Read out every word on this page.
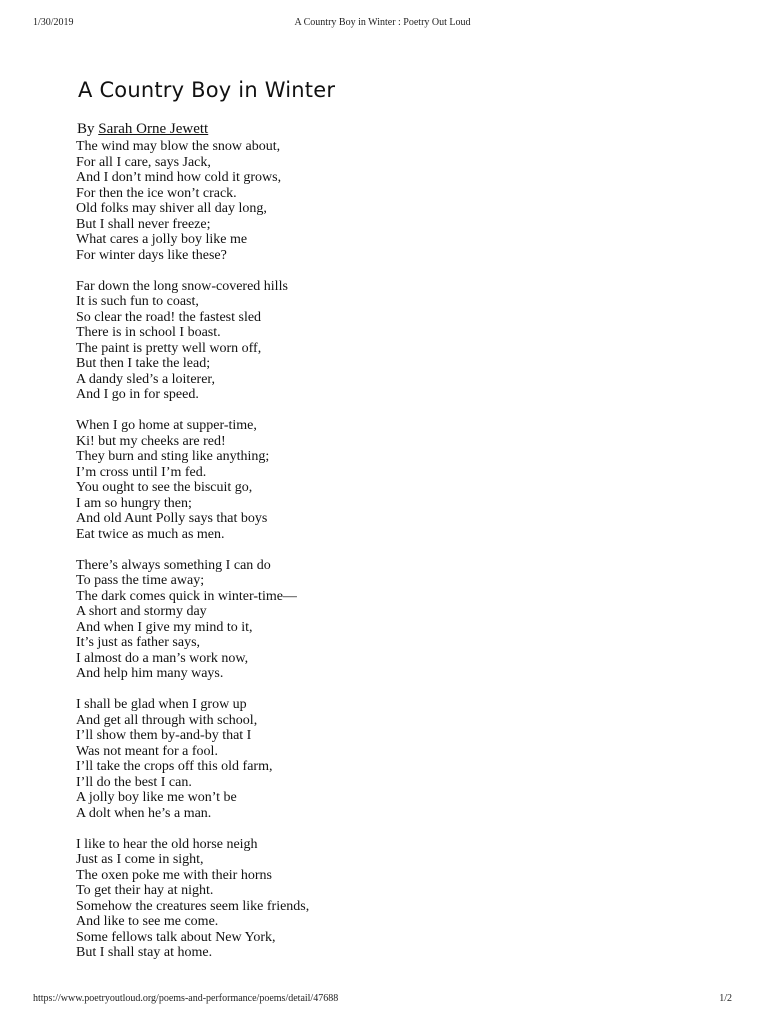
1/30/2019	A Country Boy in Winter : Poetry Out Loud
A Country Boy in Winter
By Sarah Orne Jewett
The wind may blow the snow about,
For all I care, says Jack,
And I don’t mind how cold it grows,
For then the ice won’t crack.
Old folks may shiver all day long,
But I shall never freeze;
What cares a jolly boy like me
For winter days like these?
Far down the long snow-covered hills
It is such fun to coast,
So clear the road! the fastest sled
There is in school I boast.
The paint is pretty well worn off,
But then I take the lead;
A dandy sled’s a loiterer,
And I go in for speed.
When I go home at supper-time,
Ki! but my cheeks are red!
They burn and sting like anything;
I’m cross until I’m fed.
You ought to see the biscuit go,
I am so hungry then;
And old Aunt Polly says that boys
Eat twice as much as men.
There’s always something I can do
To pass the time away;
The dark comes quick in winter-time—
A short and stormy day
And when I give my mind to it,
It’s just as father says,
I almost do a man’s work now,
And help him many ways.
I shall be glad when I grow up
And get all through with school,
I’ll show them by-and-by that I
Was not meant for a fool.
I’ll take the crops off this old farm,
I’ll do the best I can.
A jolly boy like me won’t be
A dolt when he’s a man.
I like to hear the old horse neigh
Just as I come in sight,
The oxen poke me with their horns
To get their hay at night.
Somehow the creatures seem like friends,
And like to see me come.
Some fellows talk about New York,
But I shall stay at home.
https://www.poetryoutloud.org/poems-and-performance/poems/detail/47688	1/2
